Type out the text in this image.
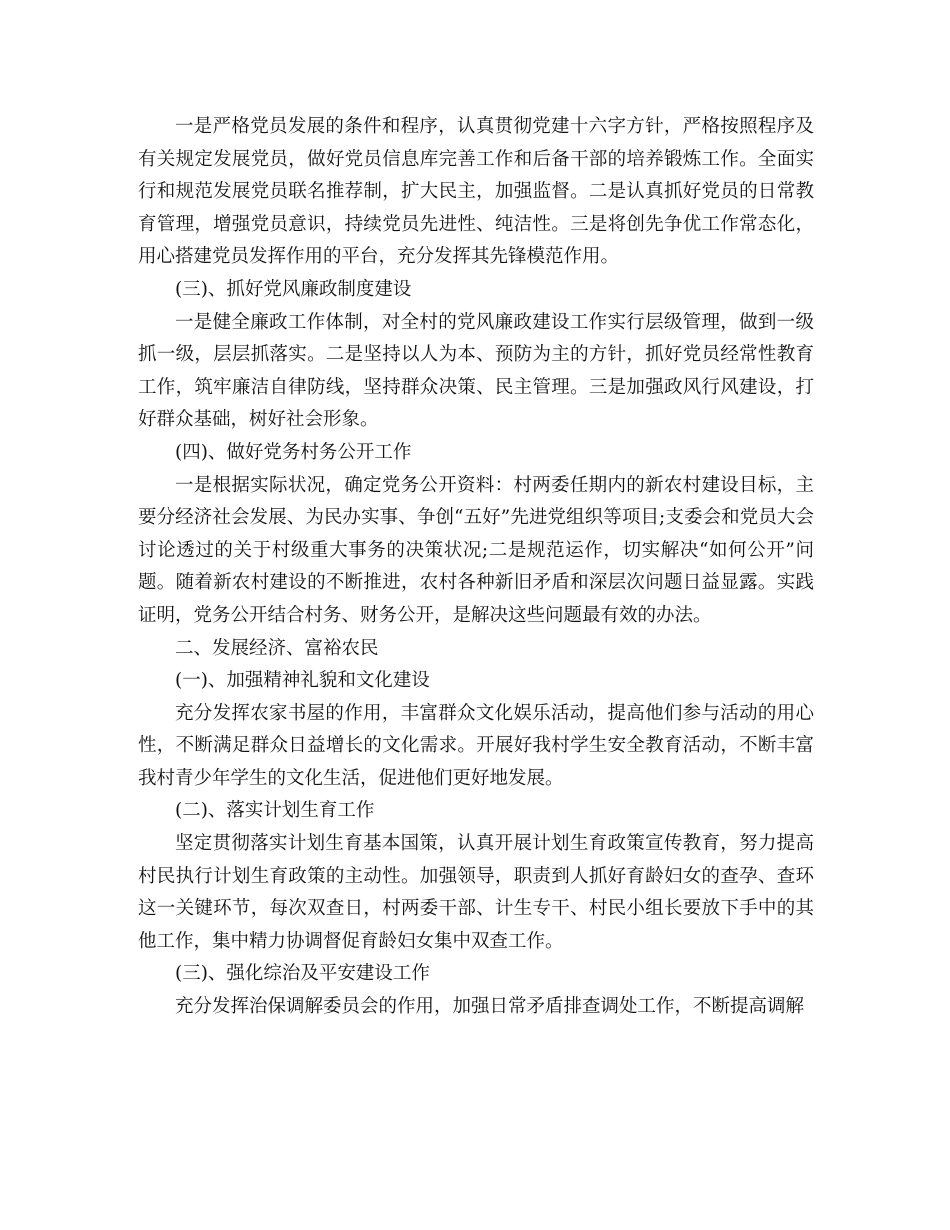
一是严格党员发展的条件和程序，认真贯彻党建十六字方针，严格按照程序及有关规定发展党员，做好党员信息库完善工作和后备干部的培养锻炼工作。全面实行和规范发展党员联名推荐制，扩大民主，加强监督。二是认真抓好党员的日常教育管理，增强党员意识，持续党员先进性、纯洁性。三是将创先争优工作常态化，用心搭建党员发挥作用的平台，充分发挥其先锋模范作用。

(三)、抓好党风廉政制度建设

一是健全廉政工作体制，对全村的党风廉政建设工作实行层级管理，做到一级抓一级，层层抓落实。二是坚持以人为本、预防为主的方针，抓好党员经常性教育工作，筑牢廉洁自律防线，坚持群众决策、民主管理。三是加强政风行风建设，打好群众基础，树好社会形象。

(四)、做好党务村务公开工作

一是根据实际状况，确定党务公开资料：村两委任期内的新农村建设目标，主要分经济社会发展、为民办实事、争创“五好”先进党组织等项目;支委会和党员大会讨论透过的关于村级重大事务的决策状况;二是规范运作，切实解决“如何公开”问题。随着新农村建设的不断推进，农村各种新旧矛盾和深层次问题日益显露。实践证明，党务公开结合村务、财务公开，是解决这些问题最有效的办法。

二、发展经济、富裕农民

(一)、加强精神礼貌和文化建设

充分发挥农家书屋的作用，丰富群众文化娱乐活动，提高他们参与活动的用心性，不断满足群众日益增长的文化需求。开展好我村学生安全教育活动，不断丰富我村青少年学生的文化生活，促进他们更好地发展。

(二)、落实计划生育工作

坚定贯彻落实计划生育基本国策，认真开展计划生育政策宣传教育，努力提高村民执行计划生育政策的主动性。加强领导，职责到人抓好育龄妇女的查孕、查环这一关键环节，每次双查日，村两委干部、计生专干、村民小组长要放下手中的其他工作，集中精力协调督促育龄妇女集中双查工作。

(三)、强化综治及平安建设工作

充分发挥治保调解委员会的作用，加强日常矛盾排查调处工作，不断提高调解
